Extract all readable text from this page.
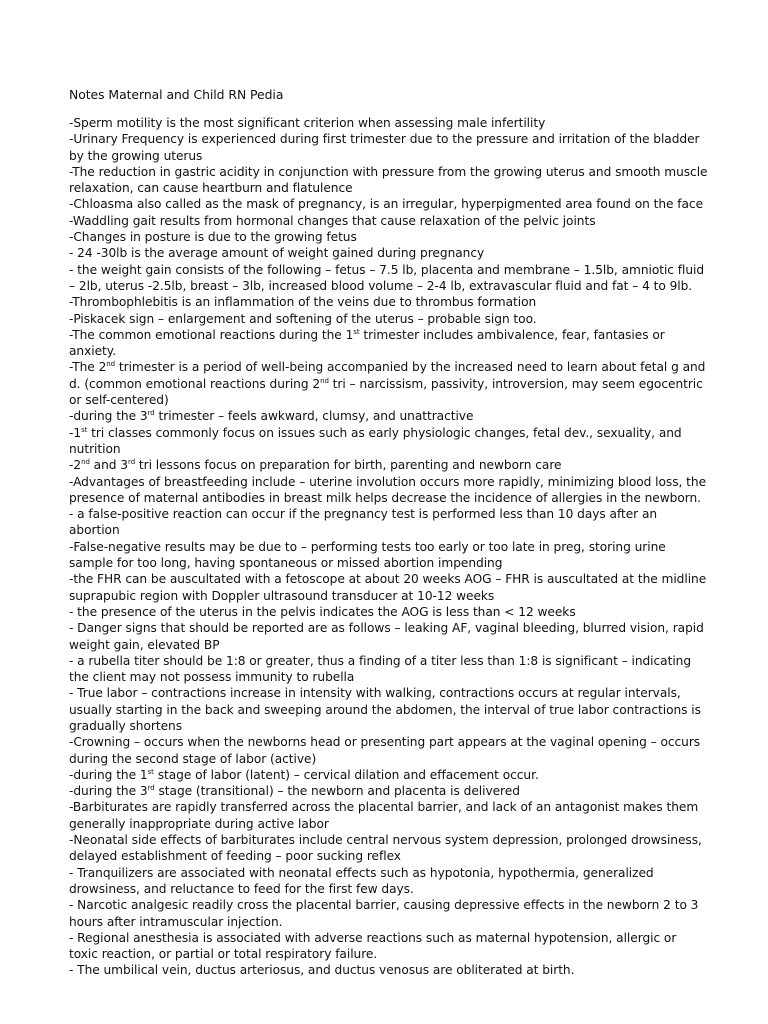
Notes Maternal and Child RN Pedia
-Sperm motility is the most significant criterion when assessing male infertility
-Urinary Frequency is experienced during first trimester due to the pressure and irritation of the bladder by the growing uterus
-The reduction in gastric acidity in conjunction with pressure from the growing uterus and smooth muscle relaxation, can cause heartburn and flatulence
-Chloasma also called as the mask of pregnancy, is an irregular, hyperpigmented area found on the face
-Waddling gait results from hormonal changes that cause relaxation of the pelvic joints
-Changes in posture is due to the growing fetus
- 24 -30lb is the average amount of weight gained during pregnancy
- the weight gain consists of the following – fetus – 7.5 lb, placenta and membrane – 1.5lb, amniotic fluid – 2lb, uterus -2.5lb, breast – 3lb, increased blood volume – 2-4 lb, extravascular fluid and fat – 4 to 9lb.
-Thrombophlebitis is an inflammation of the veins due to thrombus formation
-Piskacek sign – enlargement and softening of the uterus – probable sign too.
-The common emotional reactions during the 1st trimester includes ambivalence, fear, fantasies or anxiety.
-The 2nd trimester is a period of well-being accompanied by the increased need to learn about fetal g and d. (common emotional reactions during 2nd tri – narcissism, passivity, introversion, may seem egocentric or self-centered)
-during the 3rd trimester – feels awkward, clumsy, and unattractive
-1st tri classes commonly focus on issues such as early physiologic changes, fetal dev., sexuality, and nutrition
-2nd and 3rd tri lessons focus on preparation for birth, parenting and newborn care
-Advantages of breastfeeding include – uterine involution occurs more rapidly, minimizing blood loss, the presence of maternal antibodies in breast milk helps decrease the incidence of allergies in the newborn.
- a false-positive reaction can occur if the pregnancy test is performed less than 10 days after an abortion
-False-negative results may be due to – performing tests too early or too late in preg, storing urine sample for too long, having spontaneous or missed abortion impending
-the FHR can be auscultated with a fetoscope at about 20 weeks AOG – FHR is auscultated at the midline suprapubic region with Doppler ultrasound transducer at 10-12 weeks
- the presence of the uterus in the pelvis indicates the AOG is less than < 12 weeks
- Danger signs that should be reported are as follows – leaking AF, vaginal bleeding, blurred vision, rapid weight gain, elevated BP
- a rubella titer should be 1:8 or greater, thus a finding of a titer less than 1:8 is significant – indicating the client may not possess immunity to rubella
- True labor – contractions increase in intensity with walking, contractions occurs at regular intervals, usually starting in the back and sweeping around the abdomen, the interval of true labor contractions is gradually shortens
-Crowning – occurs when the newborns head or presenting part appears at the vaginal opening – occurs during the second stage of labor (active)
-during the 1st stage of labor (latent) – cervical dilation and effacement occur.
-during the 3rd stage (transitional) – the newborn and placenta is delivered
-Barbiturates are rapidly transferred across the placental barrier, and lack of an antagonist makes them generally inappropriate during active labor
-Neonatal side effects of barbiturates include central nervous system depression, prolonged drowsiness, delayed establishment of feeding – poor sucking reflex
- Tranquilizers are associated with neonatal effects such as hypotonia, hypothermia, generalized drowsiness, and reluctance to feed for the first few days.
- Narcotic analgesic readily cross the placental barrier, causing depressive effects in the newborn 2 to 3 hours after intramuscular injection.
- Regional anesthesia is associated with adverse reactions such as maternal hypotension, allergic or toxic reaction, or partial or total respiratory failure.
- The umbilical vein, ductus arteriosus, and ductus venosus are obliterated at birth.
